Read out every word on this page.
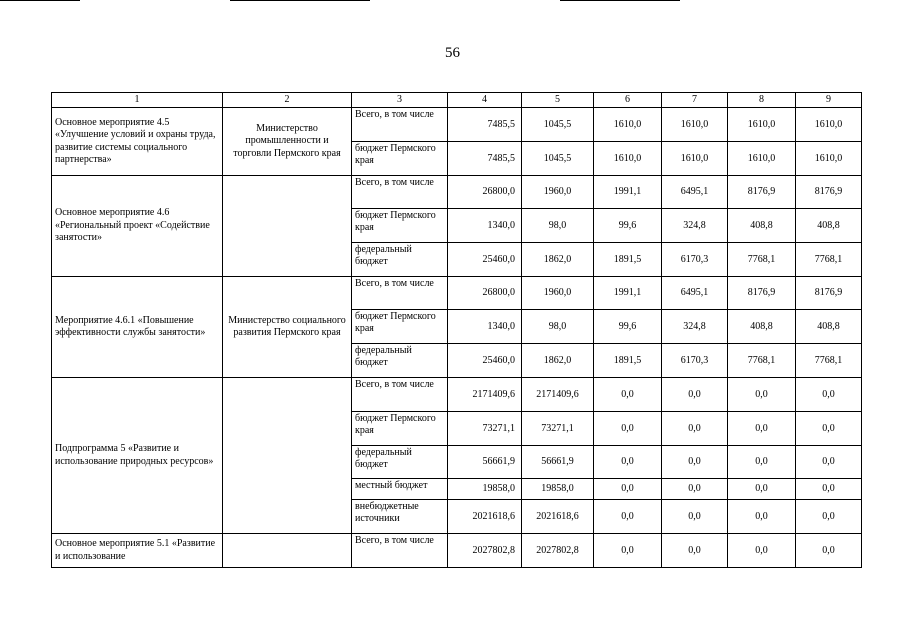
56
1	2	3	4	5	6	7	8	9
Основное мероприятие 4.5 «Улучшение условий и охраны труда, развитие системы социального партнерства»	Министерство промышленности и торговли Пермского края	Всего, в том числе	7485,5	1045,5	1610,0	1610,0	1610,0	1610,0
		бюджет Пермского края	7485,5	1045,5	1610,0	1610,0	1610,0	1610,0
Основное мероприятие 4.6 «Региональный проект «Содействие занятости»		Всего, в том числе	26800,0	1960,0	1991,1	6495,1	8176,9	8176,9
		бюджет Пермского края	1340,0	98,0	99,6	324,8	408,8	408,8
		федеральный бюджет	25460,0	1862,0	1891,5	6170,3	7768,1	7768,1
Мероприятие 4.6.1 «Повышение эффективности службы занятости»	Министерство социального развития Пермского края	Всего, в том числе	26800,0	1960,0	1991,1	6495,1	8176,9	8176,9
		бюджет Пермского края	1340,0	98,0	99,6	324,8	408,8	408,8
		федеральный бюджет	25460,0	1862,0	1891,5	6170,3	7768,1	7768,1
Подпрограмма 5 «Развитие и использование природных ресурсов»		Всего, в том числе	2171409,6	2171409,6	0,0	0,0	0,0	0,0
		бюджет Пермского края	73271,1	73271,1	0,0	0,0	0,0	0,0
		федеральный бюджет	56661,9	56661,9	0,0	0,0	0,0	0,0
		местный бюджет	19858,0	19858,0	0,0	0,0	0,0	0,0
		внебюджетные источники	2021618,6	2021618,6	0,0	0,0	0,0	0,0
Основное мероприятие 5.1 «Развитие и использование		Всего, в том числе	2027802,8	2027802,8	0,0	0,0	0,0	0,0
